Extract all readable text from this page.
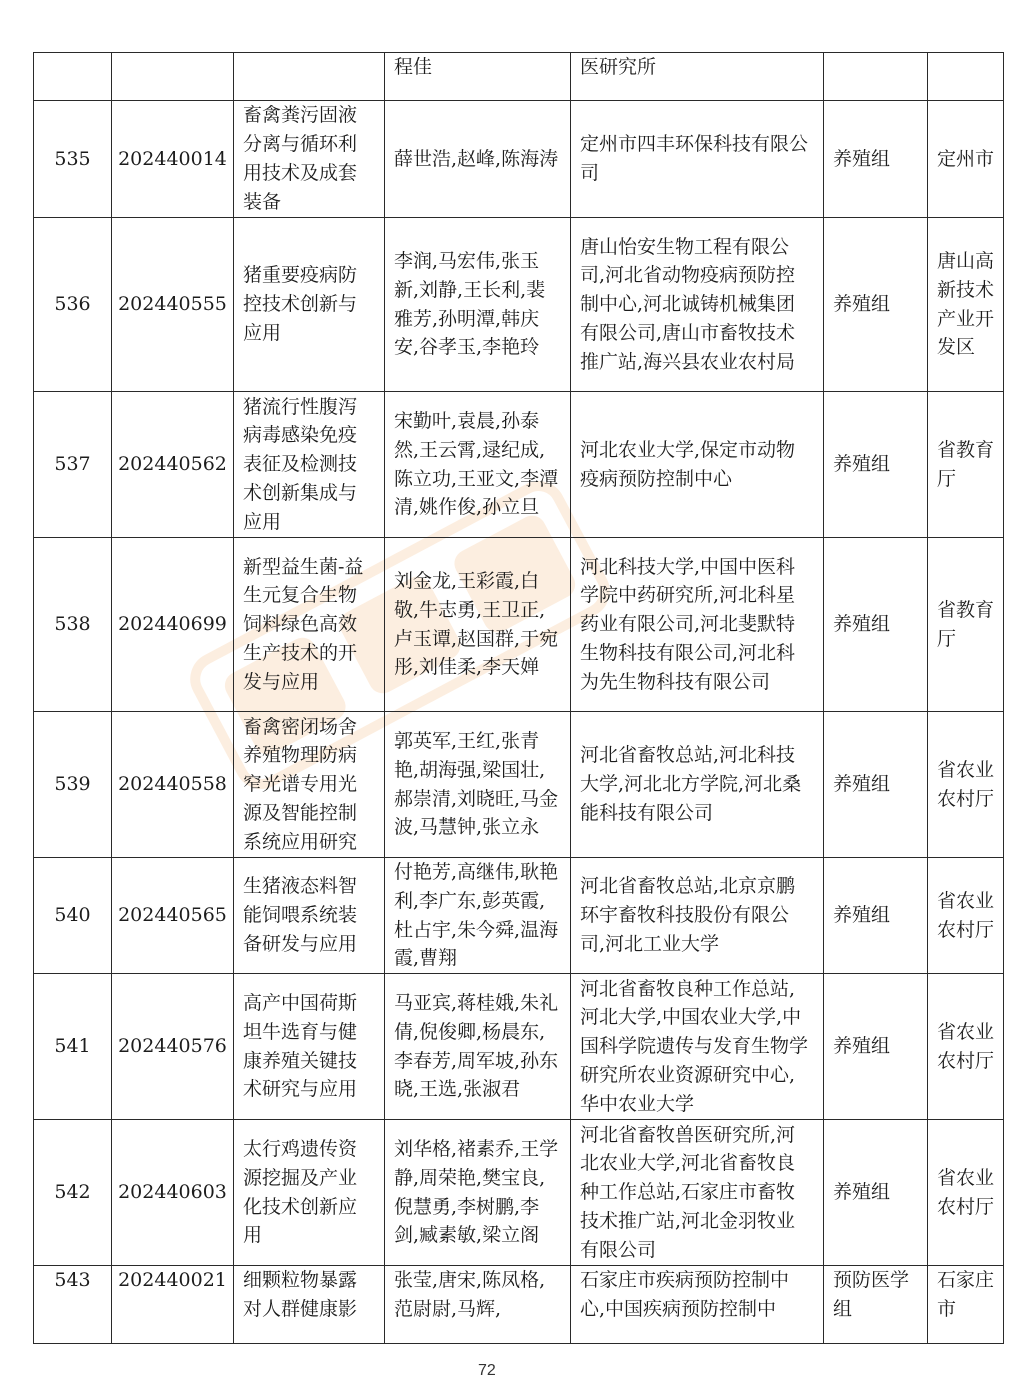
			程佳	医研究所		
535	202440014	畜禽粪污固液分离与循环利用技术及成套装备	薛世浩,赵峰,陈海涛	定州市四丰环保科技有限公司	养殖组	定州市
536	202440555	猪重要疫病防控技术创新与应用	李润,马宏伟,张玉新,刘静,王长利,裴雅芳,孙明潭,韩庆安,谷孝玉,李艳玲	唐山怡安生物工程有限公司,河北省动物疫病预防控制中心,河北诚铸机械集团有限公司,唐山市畜牧技术推广站,海兴县农业农村局	养殖组	唐山高新技术产业开发区
537	202440562	猪流行性腹泻病毒感染免疫表征及检测技术创新集成与应用	宋勤叶,袁晨,孙泰然,王云霄,逯纪成,陈立功,王亚文,李潭清,姚作俊,孙立旦	河北农业大学,保定市动物疫病预防控制中心	养殖组	省教育厅
538	202440699	新型益生菌-益生元复合生物饲料绿色高效生产技术的开发与应用	刘金龙,王彩霞,白敬,牛志勇,王卫正,卢玉谭,赵国群,于宛彤,刘佳柔,李天婵	河北科技大学,中国中医科学院中药研究所,河北科星药业有限公司,河北斐默特生物科技有限公司,河北科为先生物科技有限公司	养殖组	省教育厅
539	202440558	畜禽密闭场舍养殖物理防病窄光谱专用光源及智能控制系统应用研究	郭英军,王红,张青艳,胡海强,梁国壮,郝崇清,刘晓旺,马金波,马慧钟,张立永	河北省畜牧总站,河北科技大学,河北北方学院,河北桑能科技有限公司	养殖组	省农业农村厅
540	202440565	生猪液态料智能饲喂系统装备研发与应用	付艳芳,高继伟,耿艳利,李广东,彭英霞,杜占宇,朱今舜,温海霞,曹翔	河北省畜牧总站,北京京鹏环宇畜牧科技股份有限公司,河北工业大学	养殖组	省农业农村厅
541	202440576	高产中国荷斯坦牛选育与健康养殖关键技术研究与应用	马亚宾,蒋桂娥,朱礼倩,倪俊卿,杨晨东,李春芳,周军坡,孙东晓,王选,张淑君	河北省畜牧良种工作总站,河北大学,中国农业大学,中国科学院遗传与发育生物学研究所农业资源研究中心,华中农业大学	养殖组	省农业农村厅
542	202440603	太行鸡遗传资源挖掘及产业化技术创新应用	刘华格,褚素乔,王学静,周荣艳,樊宝良,倪慧勇,李树鹏,李剑,臧素敏,梁立阁	河北省畜牧兽医研究所,河北农业大学,河北省畜牧良种工作总站,石家庄市畜牧技术推广站,河北金羽牧业有限公司	养殖组	省农业农村厅
543	202440021	细颗粒物暴露对人群健康影	张莹,唐宋,陈凤格,范尉尉,马辉,	石家庄市疾病预防控制中心,中国疾病预防控制中	预防医学组	石家庄市
72
